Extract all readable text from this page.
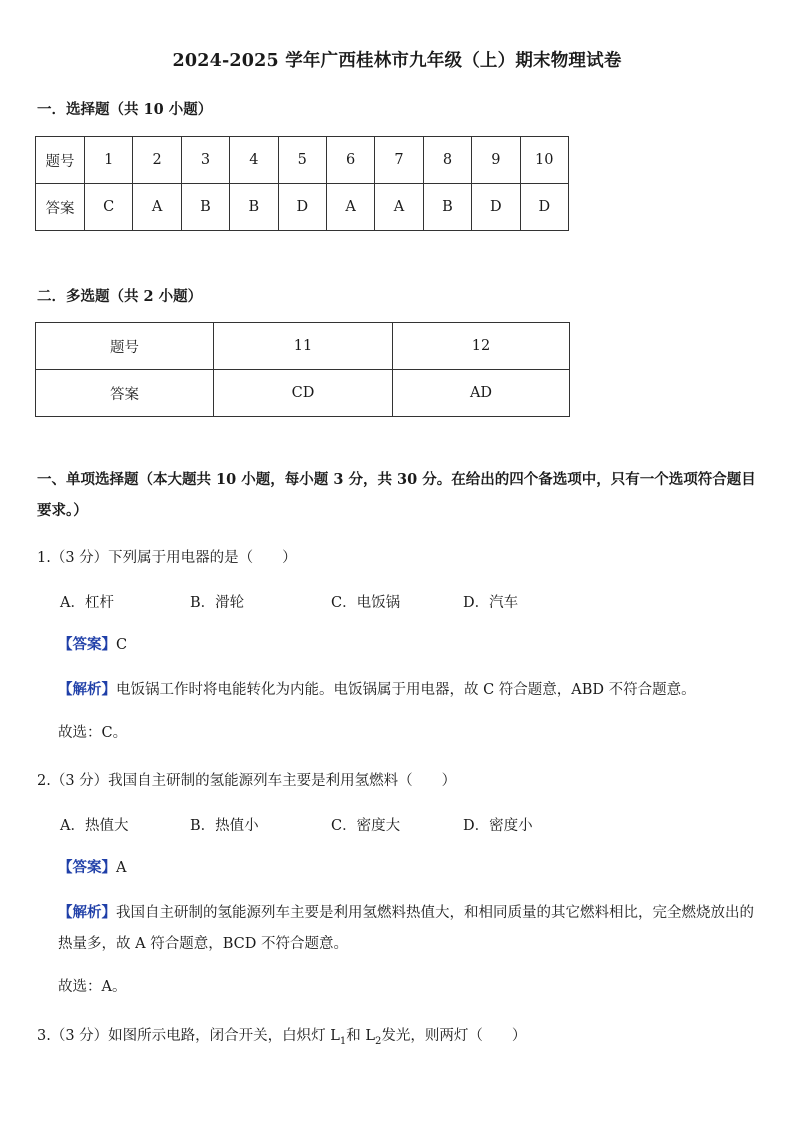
2024-2025 学年广西桂林市九年级（上）期末物理试卷
一．选择题（共 10 小题）
题号	1	2	3	4	5	6	7	8	9	10
答案	C	A	B	B	D	A	A	B	D	D
二．多选题（共 2 小题）
题号	11	12
答案	CD	AD
一、单项选择题（本大题共 10 小题，每小题 3 分，共 30 分。在给出的四个备选项中，只有一个选项符合题目要求。）
1.（3 分）下列属于用电器的是（　　）
A．杠杆	B．滑轮	C．电饭锅	D．汽车
【答案】C
【解析】电饭锅工作时将电能转化为内能。电饭锅属于用电器，故 C 符合题意，ABD 不符合题意。
故选：C。
2.（3 分）我国自主研制的氢能源列车主要是利用氢燃料（　　）
A．热值大	B．热值小	C．密度大	D．密度小
【答案】A
【解析】我国自主研制的氢能源列车主要是利用氢燃料热值大，和相同质量的其它燃料相比，完全燃烧放出的热量多，故 A 符合题意，BCD 不符合题意。
故选：A。
3.（3 分）如图所示电路，闭合开关，白炽灯 $L_1$和 $L_2$发光，则两灯（　　）
